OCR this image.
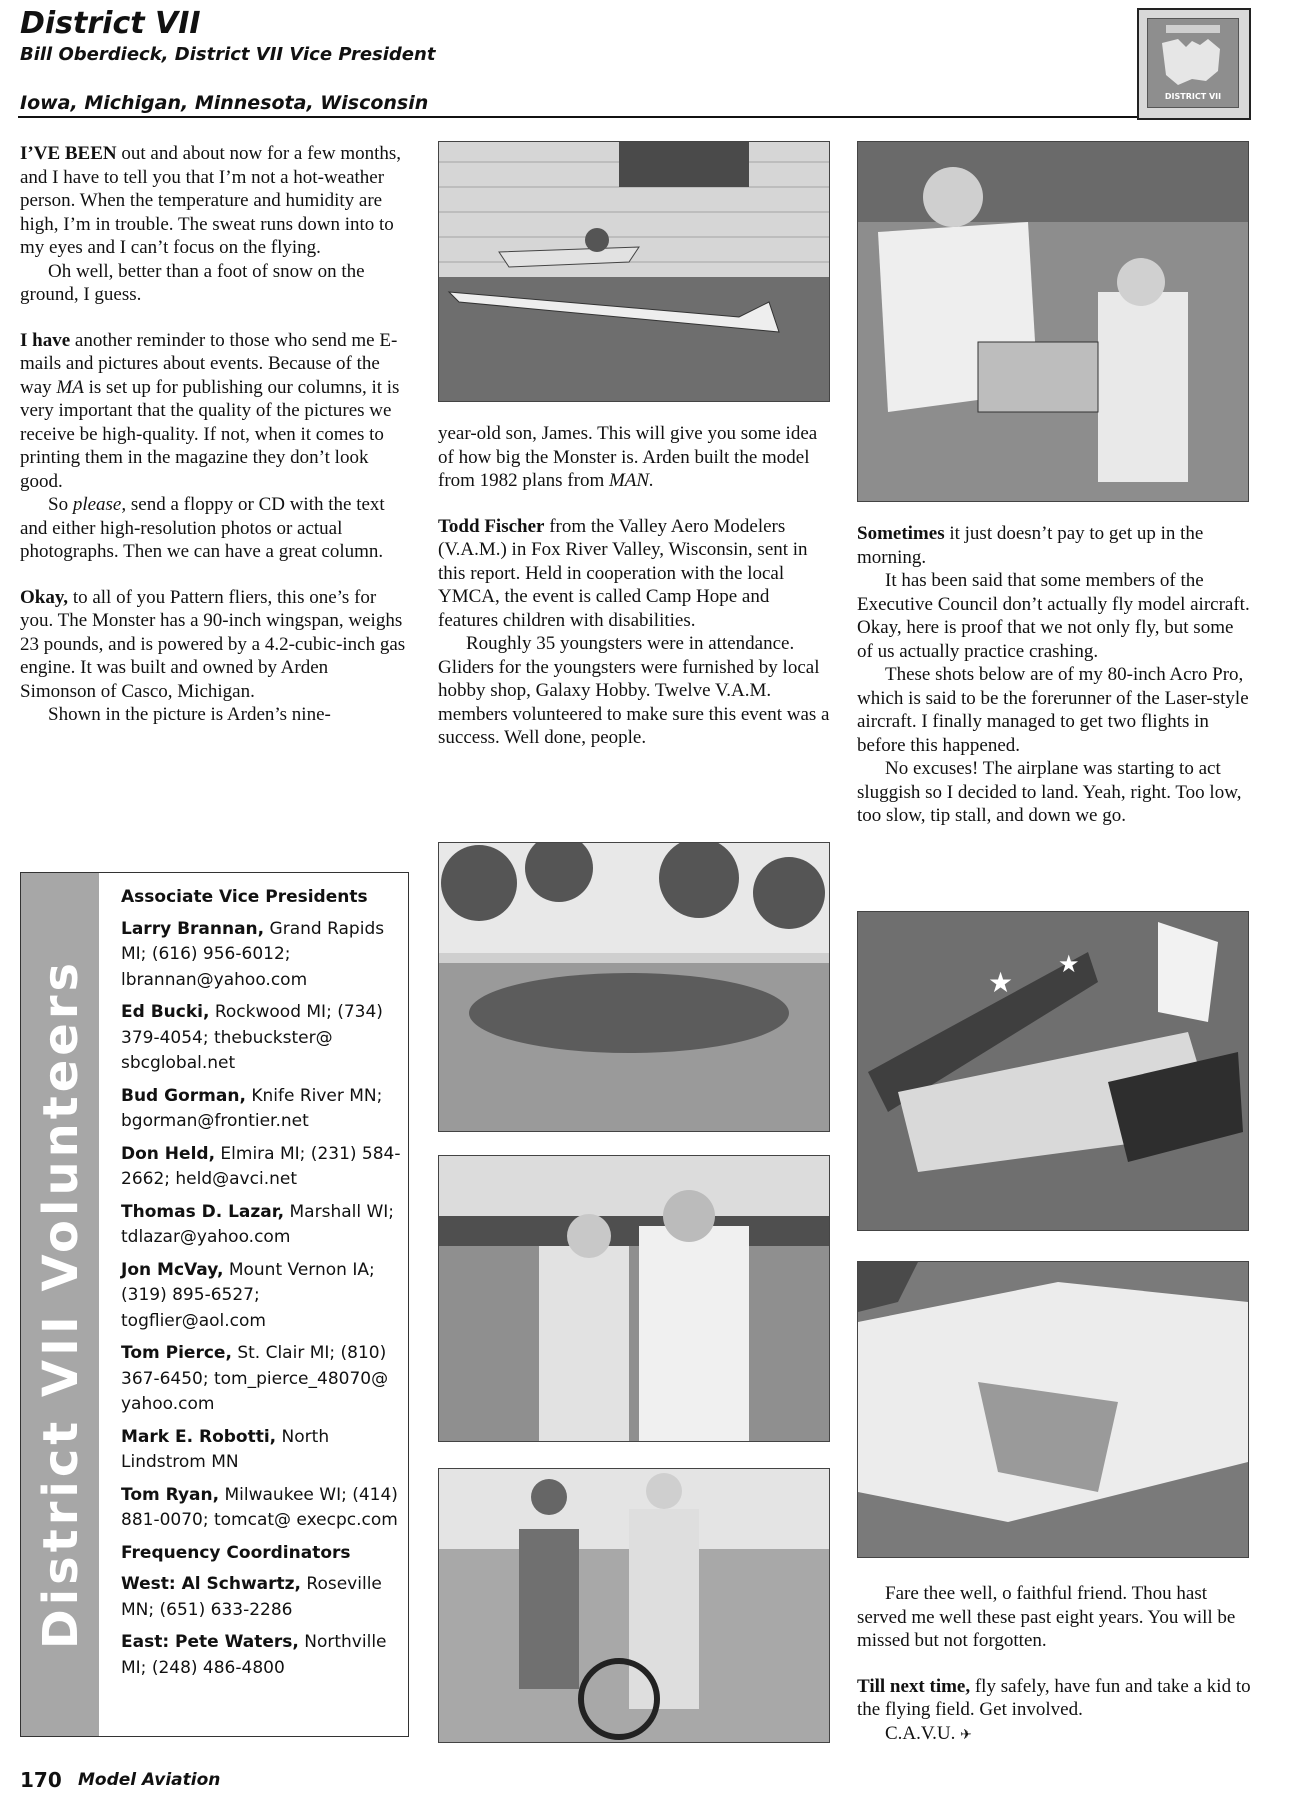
District VII
Bill Oberdieck, District VII Vice President
Iowa, Michigan, Minnesota, Wisconsin	DISTRICT VII

I’VE BEEN out and about now for a few months, and I have to tell you that I’m not a hot-weather person. When the temperature and humidity are high, I’m in trouble. The sweat runs down into to my eyes and I can’t focus on the flying.

Oh well, better than a foot of snow on the ground, I guess.

I have another reminder to those who send me E-mails and pictures about events. Because of the way MA is set up for publishing our columns, it is very important that the quality of the pictures we receive be high-quality. If not, when it comes to printing them in the magazine they don’t look good.

So please, send a floppy or CD with the text and either high-resolution photos or actual photographs. Then we can have a great column.

Okay, to all of you Pattern fliers, this one’s for you. The Monster has a 90-inch wingspan, weighs 23 pounds, and is powered by a 4.2-cubic-inch gas engine. It was built and owned by Arden Simonson of Casco, Michigan.

Shown in the picture is Arden’s nine-

District VII Volunteers
Associate Vice Presidents
Larry Brannan, Grand Rapids MI; (616) 956-6012; lbrannan@yahoo.com
Ed Bucki, Rockwood MI; (734) 379-4054; thebuckster@ sbcglobal.net
Bud Gorman, Knife River MN; bgorman@frontier.net
Don Held, Elmira MI; (231) 584-2662; held@avci.net
Thomas D. Lazar, Marshall WI; tdlazar@yahoo.com
Jon McVay, Mount Vernon IA; (319) 895-6527; togflier@aol.com
Tom Pierce, St. Clair MI; (810) 367-6450; tom_pierce_48070@ yahoo.com
Mark E. Robotti, North Lindstrom MN
Tom Ryan, Milwaukee WI; (414) 881-0070; tomcat@ execpc.com
Frequency Coordinators
West: Al Schwartz, Roseville MN; (651) 633-2286
East: Pete Waters, Northville MI; (248) 486-4800

year-old son, James. This will give you some idea of how big the Monster is. Arden built the model from 1982 plans from MAN.

Todd Fischer from the Valley Aero Modelers (V.A.M.) in Fox River Valley, Wisconsin, sent in this report. Held in cooperation with the local YMCA, the event is called Camp Hope and features children with disabilities.

Roughly 35 youngsters were in attendance. Gliders for the youngsters were furnished by local hobby shop, Galaxy Hobby. Twelve V.A.M. members volunteered to make sure this event was a success. Well done, people.

Sometimes it just doesn’t pay to get up in the morning.

It has been said that some members of the Executive Council don’t actually fly model aircraft. Okay, here is proof that we not only fly, but some of us actually practice crashing.

These shots below are of my 80-inch Acro Pro, which is said to be the forerunner of the Laser-style aircraft. I finally managed to get two flights in before this happened.

No excuses! The airplane was starting to act sluggish so I decided to land. Yeah, right. Too low, too slow, tip stall, and down we go.

★
★

Fare thee well, o faithful friend. Thou hast served me well these past eight years. You will be missed but not forgotten.

Till next time, fly safely, have fun and take a kid to the flying field. Get involved.

C.A.V.U. ✈

170 Model Aviation
